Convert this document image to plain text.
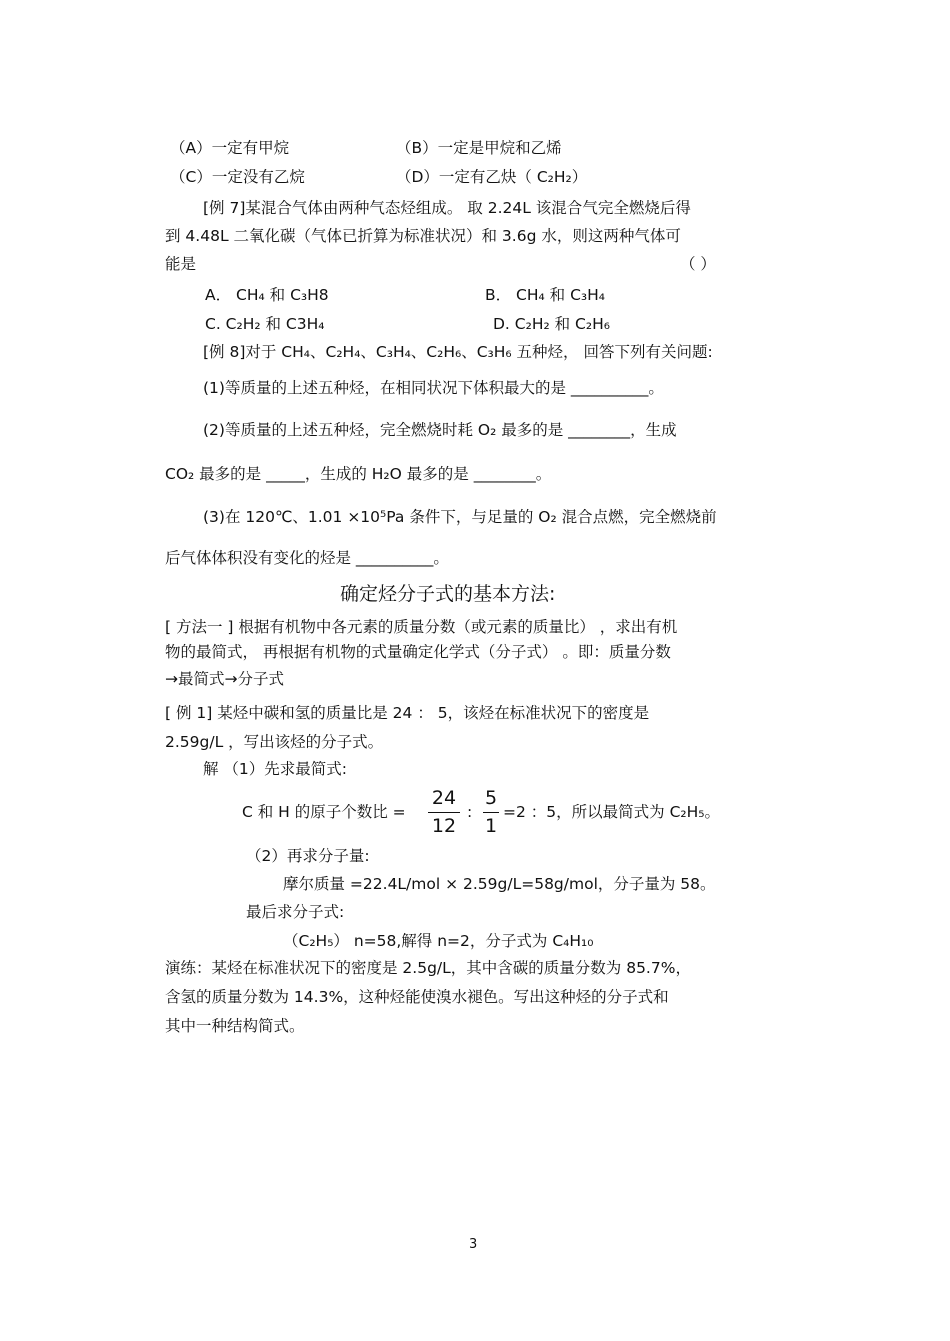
（A）一定有甲烷	（B）一定是甲烷和乙烯
（C）一定没有乙烷	（D）一定有乙炔（ C₂H₂）
[例 7]某混合气体由两种气态烃组成。 取 2.24L 该混合气完全燃烧后得
到 4.48L 二氧化碳（气体已折算为标准状况）和 3.6g 水，则这两种气体可
能是	（ ）
A． CH₄ 和 C₃H8	B． CH₄ 和 C₃H₄
C. C₂H₂ 和 C3H₄	D. C₂H₂ 和 C₂H₆
[例 8]对于 CH₄、C₂H₄、C₃H₄、C₂H₆、C₃H₆ 五种烃， 回答下列有关问题:
(1)等质量的上述五种烃，在相同状况下体积最大的是 __________。
(2)等质量的上述五种烃，完全燃烧时耗 O₂ 最多的是 ________，生成
CO₂ 最多的是 _____，生成的 H₂O 最多的是 ________。
(3)在 120℃、1.01 ×10⁵Pa 条件下，与足量的 O₂ 混合点燃，完全燃烧前
后气体体积没有变化的烃是 __________。
确定烃分子式的基本方法:
[ 方法一 ] 根据有机物中各元素的质量分数（或元素的质量比） ，求出有机
物的最简式， 再根据有机物的式量确定化学式（分子式） 。即：质量分数
→最简式→分子式
[ 例 1] 某烃中碳和氢的质量比是 24 ： 5，该烃在标准状况下的密度是
2.59g/L ，写出该烃的分子式。
解 （1）先求最简式:
C 和 H 的原子个数比 =
24
12
:
5
1
=2 ：5，所以最简式为 C₂H₅。
（2）再求分子量:
摩尔质量 =22.4L/mol × 2.59g/L=58g/mol，分子量为 58。
最后求分子式:
（C₂H₅） n=58,解得 n=2，分子式为 C₄H₁₀
演练：某烃在标准状况下的密度是 2.5g/L，其中含碳的质量分数为 85.7%，
含氢的质量分数为 14.3%，这种烃能使溴水褪色。写出这种烃的分子式和
其中一种结构简式。
3
